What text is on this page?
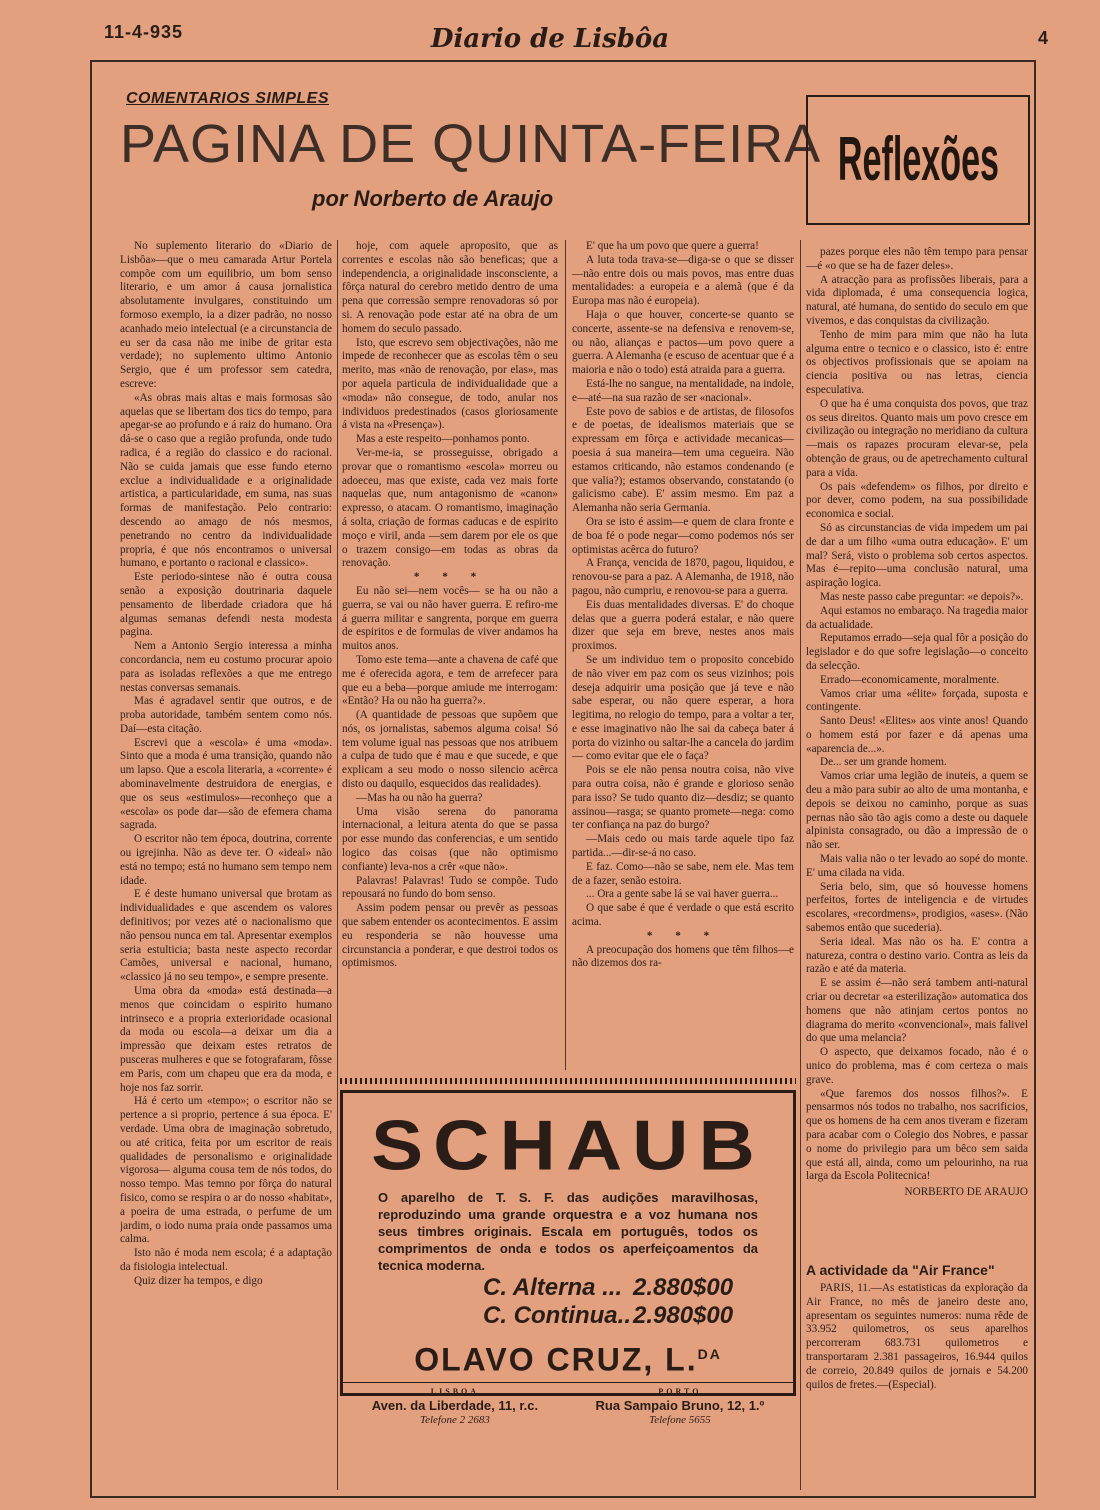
11-4-935	Diario de Lisbôa	4
COMENTARIOS SIMPLES
PAGINA DE QUINTA-FEIRA
por Norberto de Araujo
Reflexões

No suplemento literario do «Diario de Lisbôa»—que o meu camarada Artur Portela compõe com um equilibrio, um bom senso literario, e um amor á causa jornalistica absolutamente invulgares, constituindo um formoso exemplo, ia a dizer padrão, no nosso acanhado meio intelectual (e a circunstancia de eu ser da casa não me inibe de gritar esta verdade); no suplemento ultimo Antonio Sergio, que é um professor sem catedra, escreve:

«As obras mais altas e mais formosas são aquelas que se libertam dos tics do tempo, para apegar-se ao profundo e á raiz do humano. Ora dá-se o caso que a região profunda, onde tudo radica, é a região do classico e do racional. Não se cuida jamais que esse fundo eterno exclue a individualidade e a originalidade artistica, a particularidade, em suma, nas suas formas de manifestação. Pelo contrario: descendo ao amago de nós mesmos, penetrando no centro da individualidade propria, é que nós encontramos o universal humano, e portanto o racional e classico».

Este periodo-sintese não é outra cousa senão a exposição doutrinaria daquele pensamento de liberdade criadora que há algumas semanas defendi nesta modesta pagina.

Nem a Antonio Sergio interessa a minha concordancia, nem eu costumo procurar apoio para as isoladas reflexões a que me entrego nestas conversas semanais.

Mas é agradavel sentir que outros, e de proba autoridade, também sentem como nós. Daí—esta citação.

Escrevi que a «escola» é uma «moda». Sinto que a moda é uma transição, quando não um lapso. Que a escola literaria, a «corrente» é abominavelmente destruidora de energias, e que os seus «estimulos»—reconheço que a «escola» os pode dar—são de efemera chama sagrada.

O escritor não tem época, doutrina, corrente ou igrejinha. Não as deve ter. O «ideal» não está no tempo; está no humano sem tempo nem idade.

E é deste humano universal que brotam as individualidades e que ascendem os valores definitivos; por vezes até o nacionalismo que não pensou nunca em tal. Apresentar exemplos seria estulticia; basta neste aspecto recordar Camões, universal e nacional, humano, «classico já no seu tempo», e sempre presente.

Uma obra da «moda» está destinada—a menos que coincidam o espirito humano intrinseco e a propria exterioridade ocasional da moda ou escola—a deixar um dia a impressão que deixam estes retratos de pusceras mulheres e que se fotografaram, fôsse em Paris, com um chapeu que era da moda, e hoje nos faz sorrir.

Há é certo um «tempo»; o escritor não se pertence a si proprio, pertence á sua época. E' verdade. Uma obra de imaginação sobretudo, ou até critica, feita por um escritor de reais qualidades de personalismo e originalidade vigorosa— alguma cousa tem de nós todos, do nosso tempo. Mas temno por fôrça do natural fisico, como se respira o ar do nosso «habitat», a poeira de uma estrada, o perfume de um jardim, o iodo numa praia onde passamos uma calma.

Isto não é moda nem escola; é a adaptação da fisiologia intelectual.

Quiz dizer ha tempos, e digo

hoje, com aquele aproposito, que as correntes e escolas não são beneficas; que a independencia, a originalidade insconsciente, a fôrça natural do cerebro metido dentro de uma pena que corressão sempre renovadoras só por si. A renovação pode estar até na obra de um homem do seculo passado.

Isto, que escrevo sem objectivações, não me impede de reconhecer que as escolas têm o seu merito, mas «não de renovação, por elas», mas por aquela particula de individualidade que a «moda» não consegue, de todo, anular nos individuos predestinados (casos gloriosamente á vista na «Presença»).

Mas a este respeito—ponhamos ponto.

Ver-me-ia, se prosseguisse, obrigado a provar que o romantismo «escola» morreu ou adoeceu, mas que existe, cada vez mais forte naquelas que, num antagonismo de «canon» expresso, o atacam. O romantismo, imaginação á solta, criação de formas caducas e de espirito moço e viril, anda —sem darem por ele os que o trazem consigo—em todas as obras da renovação.

* * *

Eu não sei—nem vocês— se ha ou não a guerra, se vai ou não haver guerra. E refiro-me á guerra militar e sangrenta, porque em guerra de espiritos e de formulas de viver andamos ha muitos anos.

Tomo este tema—ante a chavena de café que me é oferecida agora, e tem de arrefecer para que eu a beba—porque amiude me interrogam: «Então? Ha ou não ha guerra?».

(A quantidade de pessoas que supõem que nós, os jornalistas, sabemos alguma coisa! Só tem volume igual nas pessoas que nos atribuem a culpa de tudo que é mau e que sucede, e que explicam a seu modo o nosso silencio acêrca disto ou daquilo, esquecidos das realidades).

—Mas ha ou não ha guerra?

Uma visão serena do panorama internacional, a leitura atenta do que se passa por esse mundo das conferencias, e um sentido logico das coisas (que não optimismo confiante) leva-nos a crêr «que não».

Palavras! Palavras! Tudo se compõe. Tudo repousará no fundo do bom senso.

Assim podem pensar ou prevêr as pessoas que sabem entender os acontecimentos. E assim eu responderia se não houvesse uma circunstancia a ponderar, e que destroi todos os optimismos.

E' que ha um povo que quere a guerra!

A luta toda trava-se—diga-se o que se disser—não entre dois ou mais povos, mas entre duas mentalidades: a europeia e a alemã (que é da Europa mas não é europeia).

Haja o que houver, concerte-se quanto se concerte, assente-se na defensiva e renovem-se, ou não, alianças e pactos—um povo quere a guerra. A Alemanha (e escuso de acentuar que é a maioria e não o todo) está atraida para a guerra.

Está-lhe no sangue, na mentalidade, na indole, e—até—na sua razão de ser «nacional».

Este povo de sabios e de artistas, de filosofos e de poetas, de idealismos materiais que se expressam em fôrça e actividade mecanicas— poesia á sua maneira—tem uma cegueira. Não estamos criticando, não estamos condenando (e que valia?); estamos observando, constatando (o galicismo cabe). E' assim mesmo. Em paz a Alemanha não seria Germania.

Ora se isto é assim—e quem de clara fronte e de boa fé o pode negar—como podemos nós ser optimistas acêrca do futuro?

A França, vencida de 1870, pagou, liquidou, e renovou-se para a paz. A Alemanha, de 1918, não pagou, não cumpriu, e renovou-se para a guerra.

Eis duas mentalidades diversas. E' do choque delas que a guerra poderá estalar, e não quere dizer que seja em breve, nestes anos mais proximos.

Se um individuo tem o proposito concebido de não viver em paz com os seus vizinhos; pois deseja adquirir uma posição que já teve e não sabe esperar, ou não quere esperar, a hora legitima, no relogio do tempo, para a voltar a ter, e esse imaginativo não lhe sai da cabeça bater á porta do vizinho ou saltar-lhe a cancela do jardim— como evitar que ele o faça?

Pois se ele não pensa noutra coisa, não vive para outra coisa, não é grande e glorioso senão para isso? Se tudo quanto diz—desdiz; se quanto assinou—rasga; se quanto promete—nega: como ter confiança na paz do burgo?

—Mais cedo ou mais tarde aquele tipo faz partida...—dir-se-á no caso.

E faz. Como—não se sabe, nem ele. Mas tem de a fazer, senão estoira.

... Ora a gente sabe lá se vai haver guerra...

O que sabe é que é verdade o que está escrito acima.

* * *

A preocupação dos homens que têm filhos—e não dizemos dos ra-

pazes porque eles não têm tempo para pensar—é «o que se ha de fazer deles».

A atracção para as profissões liberais, para a vida diplomada, é uma consequencia logica, natural, até humana, do sentido do seculo em que vivemos, e das conquistas da civilização.

Tenho de mim para mim que não ha luta alguma entre o tecnico e o classico, isto é: entre os objectivos profissionais que se apoiam na ciencia positiva ou nas letras, ciencia especulativa.

O que ha é uma conquista dos povos, que traz os seus direitos. Quanto mais um povo cresce em civilização ou integração no meridiano da cultura—mais os rapazes procuram elevar-se, pela obtenção de graus, ou de apetrechamento cultural para a vida.

Os pais «defendem» os filhos, por direito e por dever, como podem, na sua possibilidade economica e social.

Só as circunstancias de vida impedem um pai de dar a um filho «uma outra educação». E' um mal? Será, visto o problema sob certos aspectos. Mas é—repito—uma conclusão natural, uma aspiração logica.

Mas neste passo cabe preguntar: «e depois?».

Aqui estamos no embaraço. Na tragedia maior da actualidade.

Reputamos errado—seja qual fôr a posição do legislador e do que sofre legislação—o conceito da selecção.

Errado—economicamente, moralmente.

Vamos criar uma «élite» forçada, suposta e contingente.

Santo Deus! «Elites» aos vinte anos! Quando o homem está por fazer e dá apenas uma «aparencia de...».

De... ser um grande homem.

Vamos criar uma legião de inuteis, a quem se deu a mão para subir ao alto de uma montanha, e depois se deixou no caminho, porque as suas pernas não são tão agis como a deste ou daquele alpinista consagrado, ou dão a impressão de o não ser.

Mais valia não o ter levado ao sopé do monte. E' uma cilada na vida.

Seria belo, sim, que só houvesse homens perfeitos, fortes de inteligencia e de virtudes escolares, «recordmens», prodigios, «ases». (Não sabemos então que sucederia).

Seria ideal. Mas não os ha. E' contra a natureza, contra o destino vario. Contra as leis da razão e até da materia.

E se assim é—não será tambem anti-natural criar ou decretar «a esterilização» automatica dos homens que não atinjam certos pontos no diagrama do merito «convencional», mais falivel do que uma melancia?

O aspecto, que deixamos focado, não é o unico do problema, mas é com certeza o mais grave.

«Que faremos dos nossos filhos?». E pensarmos nós todos no trabalho, nos sacrificios, que os homens de ha cem anos tiveram e fizeram para acabar com o Colegio dos Nobres, e passar o nome do privilegio para um bêco sem saida que está all, ainda, como um pelourinho, na rua larga da Escola Politecnica!

NORBERTO DE ARAUJO

A actividade da "Air France"

PARIS, 11.—As estatisticas da exploração da Air France, no mês de janeiro deste ano, apresentam os seguintes numeros: numa rêde de 33.952 quilometros, os seus aparelhos percorreram 683.731 quilometros e transportaram 2.381 passageiros, 16.944 quilos de correio, 20.849 quilos de jornais e 54.200 quilos de fretes.—(Especial).

SCHAUB
O aparelho de T. S. F. das audições maravilhosas, reproduzindo uma grande orquestra e a voz humana nos seus timbres originais. Escala em português, todos os comprimentos de onda e todos os aperfeiçoamentos da tecnica moderna.
C. Alterna ... 2.880$00
C. Continua..2.980$00
OLAVO CRUZ, L.$^{DA}$
LISBOA
Aven. da Liberdade, 11, r.c.
Telefone 2 2683
PORTO
Rua Sampaio Bruno, 12, 1.º
Telefone 5655
